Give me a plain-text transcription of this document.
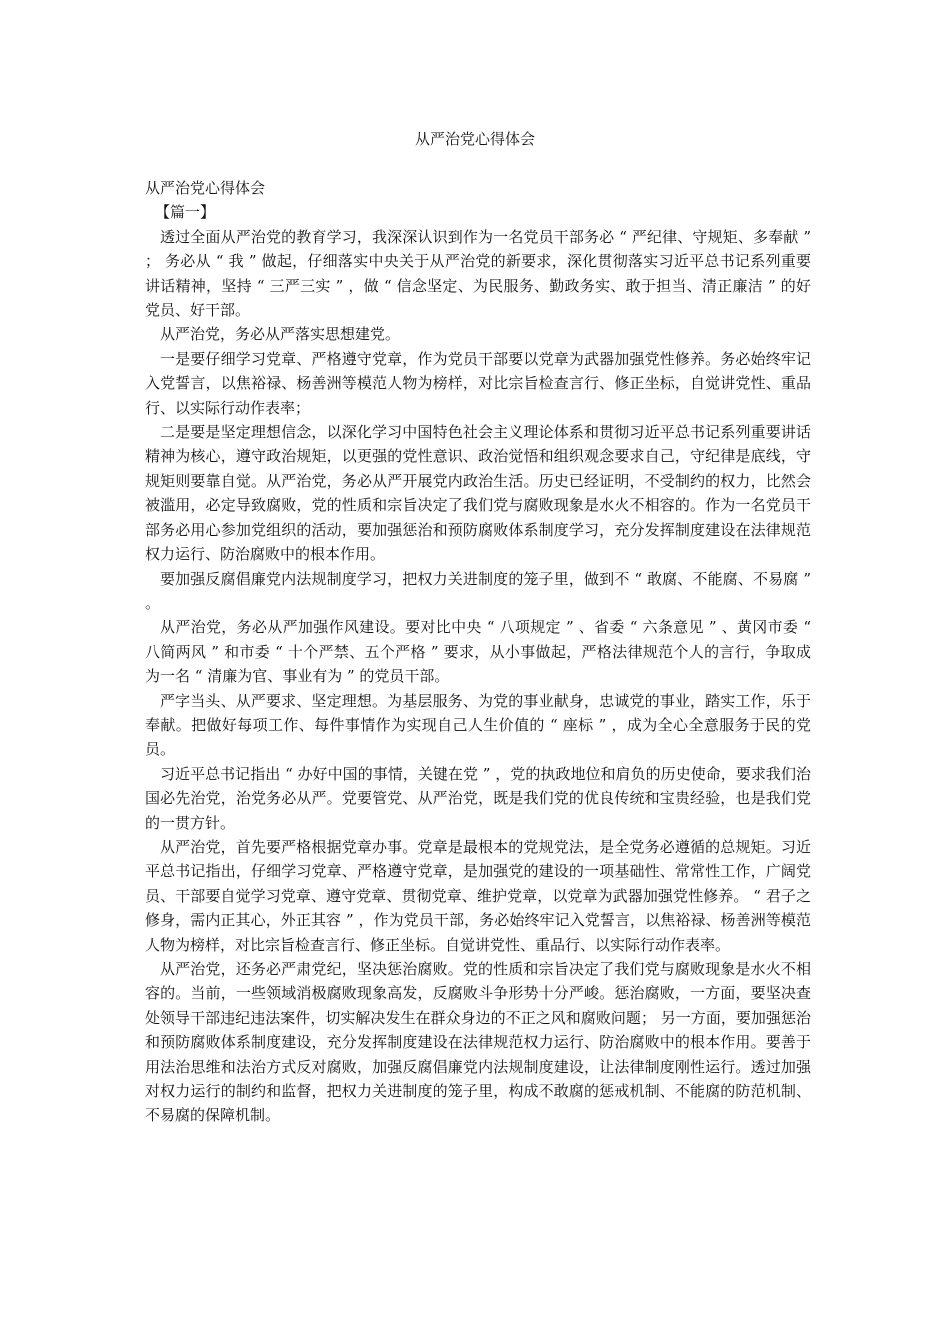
从严治党心得体会

从严治党心得体会

【篇一】

透过全面从严治党的教育学习，我深深认识到作为一名党员干部务必 “ 严纪律、守规矩、多奉献 ” ； 务必从 “ 我 ” 做起，仔细落实中央关于从严治党的新要求，深化贯彻落实习近平总书记系列重要讲话精神，坚持 “ 三严三实 ” ，做 “ 信念坚定、为民服务、勤政务实、敢于担当、清正廉洁 ” 的好党员、好干部。

从严治党，务必从严落实思想建党。

一是要仔细学习党章、严格遵守党章，作为党员干部要以党章为武器加强党性修养。务必始终牢记入党誓言，以焦裕禄、杨善洲等模范人物为榜样，对比宗旨检查言行、修正坐标，自觉讲党性、重品行、以实际行动作表率；

二是要是坚定理想信念，以深化学习中国特色社会主义理论体系和贯彻习近平总书记系列重要讲话精神为核心，遵守政治规矩，以更强的党性意识、政治觉悟和组织观念要求自己，守纪律是底线，守规矩则要靠自觉。从严治党，务必从严开展党内政治生活。历史已经证明，不受制约的权力，比然会被滥用，必定导致腐败，党的性质和宗旨决定了我们党与腐败现象是水火不相容的。作为一名党员干部务必用心参加党组织的活动，要加强惩治和预防腐败体系制度学习，充分发挥制度建设在法律规范权力运行、防治腐败中的根本作用。

要加强反腐倡廉党内法规制度学习，把权力关进制度的笼子里，做到不 “ 敢腐、不能腐、不易腐 ” 。

从严治党，务必从严加强作风建设。要对比中央 “ 八项规定 ” 、省委 “ 六条意见 ” 、黄冈市委 “ 八简两风 ” 和市委 “ 十个严禁、五个严格 ” 要求，从小事做起，严格法律规范个人的言行，争取成为一名 “ 清廉为官、事业有为 ” 的党员干部。

严字当头、从严要求、坚定理想。为基层服务、为党的事业献身，忠诚党的事业，踏实工作，乐于奉献。把做好每项工作、每件事情作为实现自己人生价值的 “ 座标 ” ，成为全心全意服务于民的党员。

习近平总书记指出 “ 办好中国的事情，关键在党 ” ，党的执政地位和肩负的历史使命，要求我们治国必先治党，治党务必从严。党要管党、从严治党，既是我们党的优良传统和宝贵经验，也是我们党的一贯方针。

从严治党，首先要严格根据党章办事。党章是最根本的党规党法，是全党务必遵循的总规矩。习近平总书记指出，仔细学习党章、严格遵守党章，是加强党的建设的一项基础性、常常性工作，广阔党员、干部要自觉学习党章、遵守党章、贯彻党章、维护党章，以党章为武器加强党性修养。 “ 君子之修身，需内正其心，外正其容 ” ，作为党员干部，务必始终牢记入党誓言，以焦裕禄、杨善洲等模范人物为榜样，对比宗旨检查言行、修正坐标。自觉讲党性、重品行、以实际行动作表率。

从严治党，还务必严肃党纪，坚决惩治腐败。党的性质和宗旨决定了我们党与腐败现象是水火不相容的。当前，一些领域消极腐败现象高发，反腐败斗争形势十分严峻。惩治腐败，一方面，要坚决查处领导干部违纪违法案件，切实解决发生在群众身边的不正之风和腐败问题； 另一方面，要加强惩治和预防腐败体系制度建设，充分发挥制度建设在法律规范权力运行、防治腐败中的根本作用。要善于用法治思维和法治方式反对腐败，加强反腐倡廉党内法规制度建设，让法律制度刚性运行。透过加强对权力运行的制约和监督，把权力关进制度的笼子里，构成不敢腐的惩戒机制、不能腐的防范机制、不易腐的保障机制。
